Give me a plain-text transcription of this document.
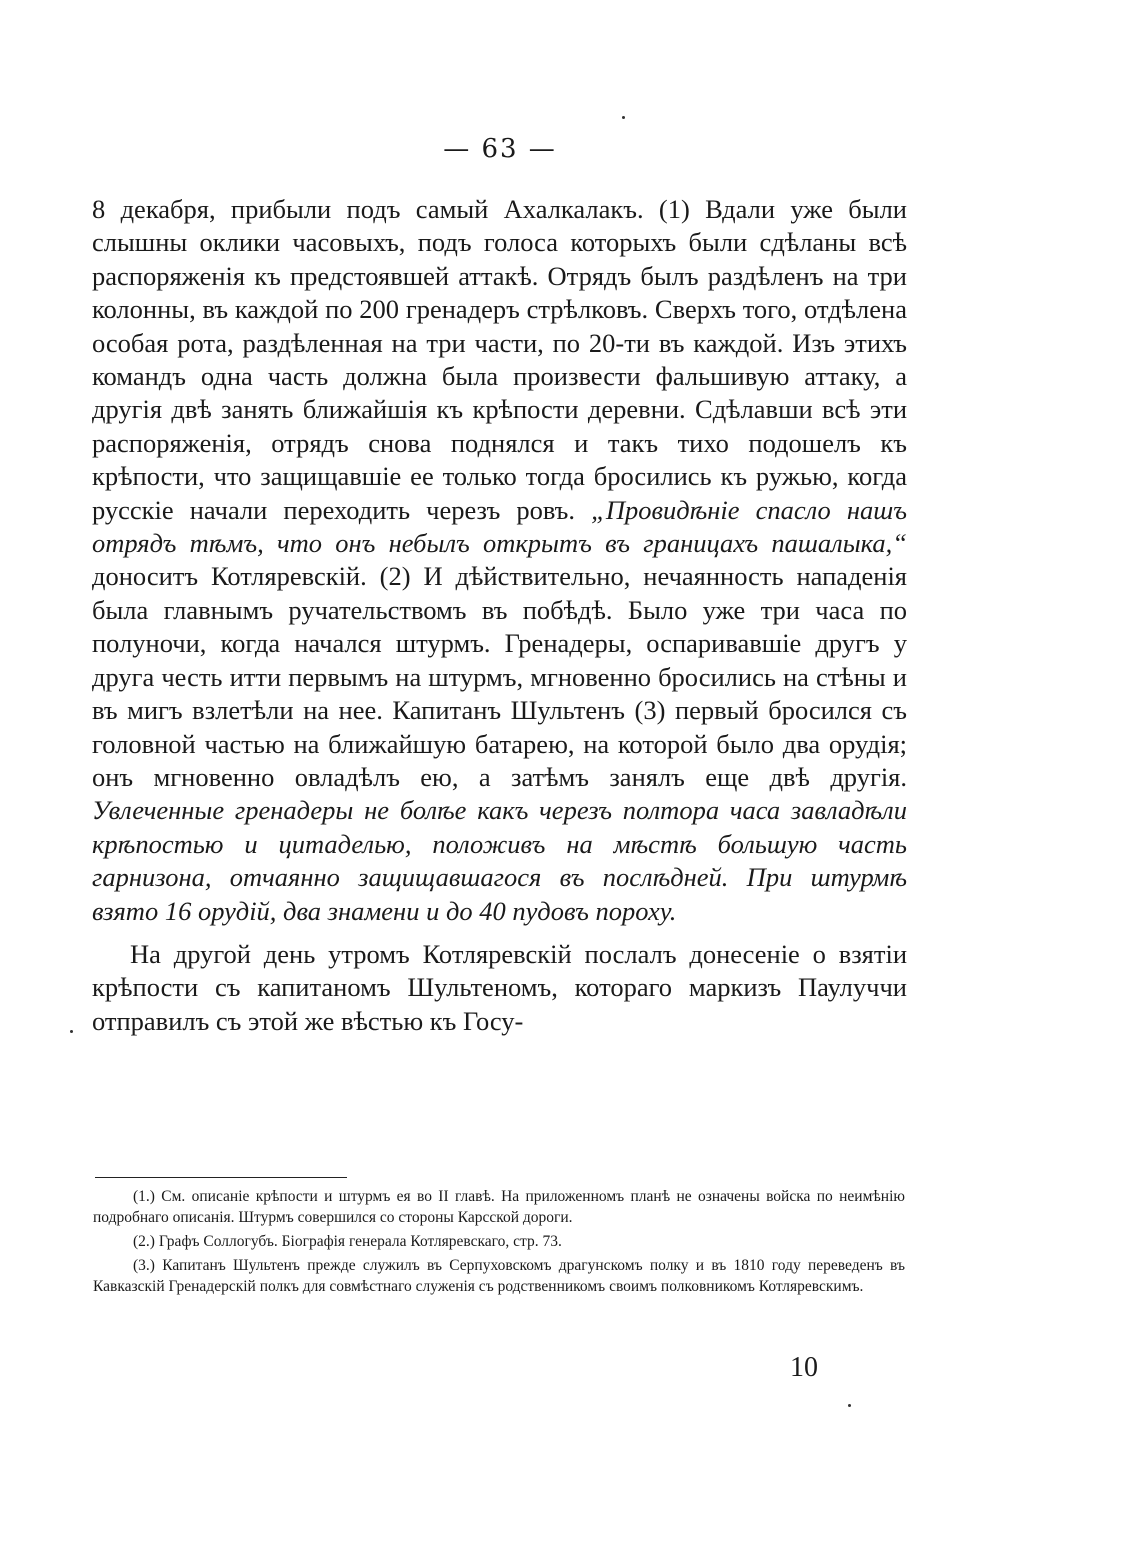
— 63 —

8 декабря, прибыли подъ самый Ахалкалакъ. (1) Вдали уже были слышны оклики часовыхъ, подъ голоса которыхъ были сдѣланы всѣ распоряженія къ предстоявшей аттакѣ. Отрядъ былъ раздѣленъ на три колонны, въ каждой по 200 гренадеръ стрѣлковъ. Сверхъ того, отдѣлена особая рота, раздѣленная на три части, по 20-ти въ каждой. Изъ этихъ командъ одна часть должна была произвести фальшивую аттаку, а другія двѣ занять ближайшія къ крѣпости деревни. Сдѣлавши всѣ эти распоряженія, отрядъ снова поднялся и такъ тихо подошелъ къ крѣпости, что защищавшіе ее только тогда бросились къ ружью, когда русскіе начали переходить черезъ ровъ. „Провидѣніе спасло нашъ отрядъ тѣмъ, что онъ небылъ открытъ въ границахъ пашалыка,“ доноситъ Котляревскій. (2) И дѣйствительно, нечаянность нападенія была главнымъ ручательствомъ въ побѣдѣ. Было уже три часа по полуночи, когда начался штурмъ. Гренадеры, оспаривавшіе другъ у друга честь итти первымъ на штурмъ, мгновенно бросились на стѣны и въ мигъ взлетѣли на нее. Капитанъ Шультенъ (3) первый бросился съ головной частью на ближайшую батарею, на которой было два орудія; онъ мгновенно овладѣлъ ею, а затѣмъ занялъ еще двѣ другія. Увлеченные гренадеры не болѣе какъ черезъ полтора часа завладѣли крѣпостью и цитаделью, положивъ на мѣстѣ большую часть гарнизона, отчаянно защищавшагося въ послѣдней. При штурмѣ взято 16 орудій, два знамени и до 40 пудовъ пороху.

На другой день утромъ Котляревскій послалъ донесеніе о взятіи крѣпости съ капитаномъ Шультеномъ, котораго маркизъ Паулуччи отправилъ съ этой же вѣстью къ Госу-

(1.) См. описаніе крѣпости и штурмъ ея во II главѣ. На приложенномъ планѣ не означены войска по неимѣнію подробнаго описанія. Штурмъ совершился со стороны Карсской дороги.

(2.) Графъ Соллогубъ. Біографія генерала Котляревскаго, стр. 73.

(3.) Капитанъ Шультенъ прежде служилъ въ Серпуховскомъ драгунскомъ полку и въ 1810 году переведенъ въ Кавказскій Гренадерскій полкъ для совмѣстнаго служенія съ родственникомъ своимъ полковникомъ Котляревскимъ.

10
